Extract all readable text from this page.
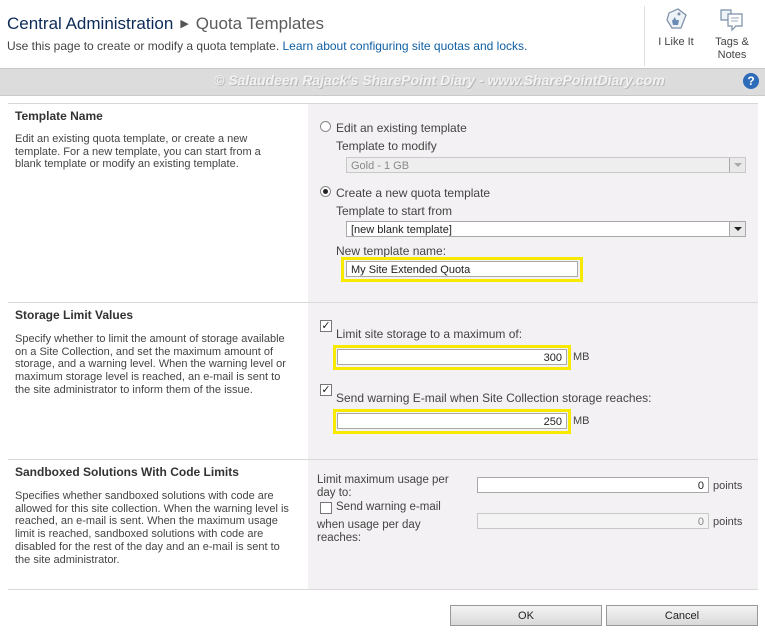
Central Administration ▶ Quota Templates
Use this page to create or modify a quota template. Learn about configuring site quotas and locks.	I Like It	Tags &
Notes
© Salaudeen Rajack's SharePoint Diary - www.SharePointDiary.com	?
Template Name
Edit an existing quota template, or create a new template. For a new template, you can start from a blank template or modify an existing template.
Edit an existing template
Template to modify
Gold - 1 GB
Create a new quota template
Template to start from
[new blank template]
New template name:
My Site Extended Quota
Storage Limit Values
Specify whether to limit the amount of storage available on a Site Collection, and set the maximum amount of storage, and a warning level. When the warning level or maximum storage level is reached, an e-mail is sent to the site administrator to inform them of the issue.
✓
Limit site storage to a maximum of:
300	MB
✓
Send warning E-mail when Site Collection storage reaches:
250	MB
Sandboxed Solutions With Code Limits
Specifies whether sandboxed solutions with code are allowed for this site collection. When the warning level is reached, an e-mail is sent. When the maximum usage limit is reached, sandboxed solutions with code are disabled for the rest of the day and an e-mail is sent to the site administrator.
Limit maximum usage per
day to:
0 points
Send warning e-mail
when usage per day
reaches:
0 points
OK	Cancel
